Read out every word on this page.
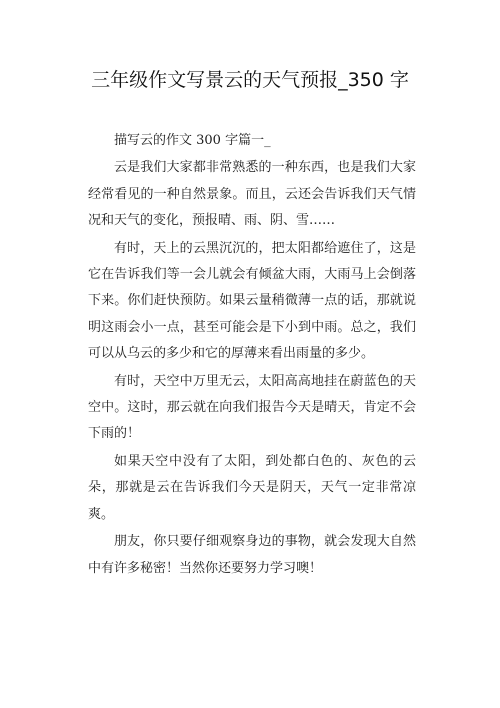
三年级作文写景云的天气预报_350 字

描写云的作文 300 字篇一_

云是我们大家都非常熟悉的一种东西，也是我们大家经常看见的一种自然景象。而且，云还会告诉我们天气情况和天气的变化，预报晴、雨、阴、雪……

有时，天上的云黑沉沉的，把太阳都给遮住了，这是它在告诉我们等一会儿就会有倾盆大雨，大雨马上会倒落下来。你们赶快预防。如果云量稍微薄一点的话，那就说明这雨会小一点，甚至可能会是下小到中雨。总之，我们可以从乌云的多少和它的厚薄来看出雨量的多少。

有时，天空中万里无云，太阳高高地挂在蔚蓝色的天空中。这时，那云就在向我们报告今天是晴天，肯定不会下雨的！

如果天空中没有了太阳，到处都白色的、灰色的云朵，那就是云在告诉我们今天是阴天，天气一定非常凉爽。

朋友，你只要仔细观察身边的事物，就会发现大自然中有许多秘密！当然你还要努力学习噢！
